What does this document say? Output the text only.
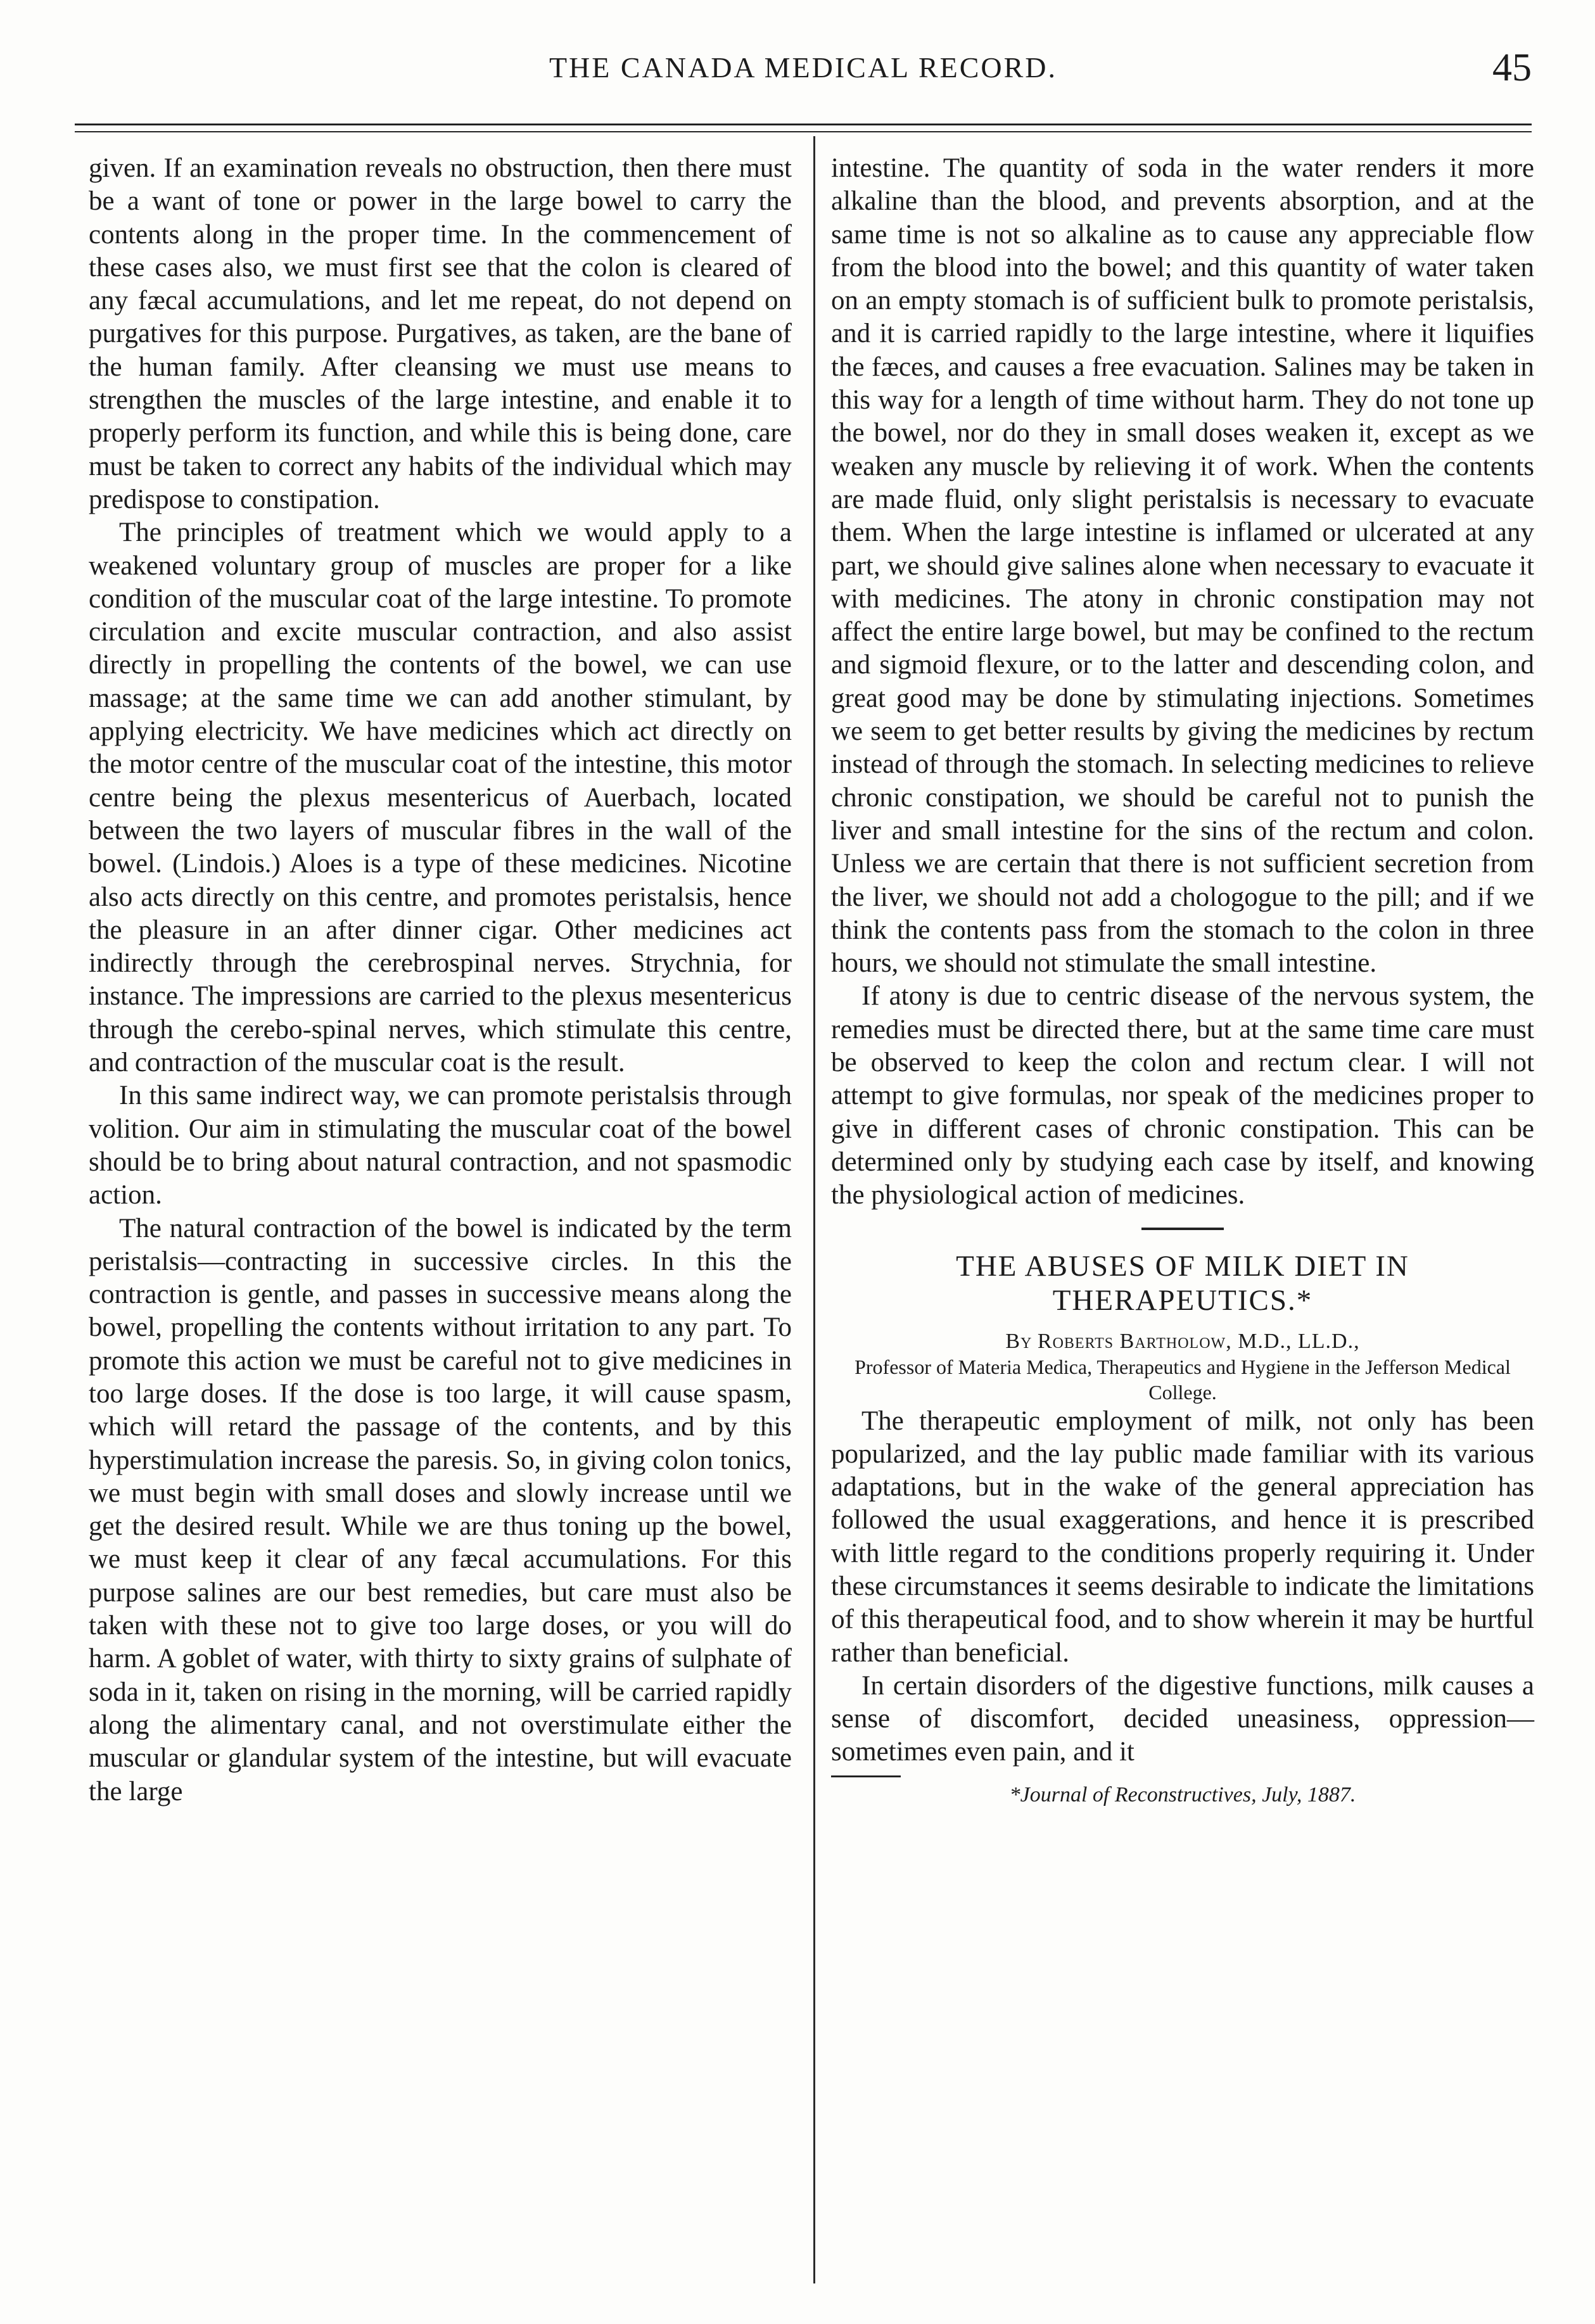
THE CANADA MEDICAL RECORD.	45

given. If an examination reveals no obstruction, then there must be a want of tone or power in the large bowel to carry the contents along in the proper time. In the commencement of these cases also, we must first see that the colon is cleared of any fæcal accumulations, and let me repeat, do not depend on purgatives for this purpose. Purgatives, as taken, are the bane of the human family. After cleansing we must use means to strengthen the muscles of the large intestine, and enable it to properly perform its function, and while this is being done, care must be taken to correct any habits of the individual which may predispose to constipation.

The principles of treatment which we would apply to a weakened voluntary group of muscles are proper for a like condition of the muscular coat of the large intestine. To promote circulation and excite muscular contraction, and also assist directly in propelling the contents of the bowel, we can use massage; at the same time we can add another stimulant, by applying electricity. We have medicines which act directly on the motor centre of the muscular coat of the intestine, this motor centre being the plexus mesentericus of Auerbach, located between the two layers of muscular fibres in the wall of the bowel. (Lindois.) Aloes is a type of these medicines. Nicotine also acts directly on this centre, and promotes peristalsis, hence the pleasure in an after dinner cigar. Other medicines act indirectly through the cerebrospinal nerves. Strychnia, for instance. The impressions are carried to the plexus mesentericus through the cerebo-spinal nerves, which stimulate this centre, and contraction of the muscular coat is the result.

In this same indirect way, we can promote peristalsis through volition. Our aim in stimulating the muscular coat of the bowel should be to bring about natural contraction, and not spasmodic action.

The natural contraction of the bowel is indicated by the term peristalsis—contracting in successive circles. In this the contraction is gentle, and passes in successive means along the bowel, propelling the contents without irritation to any part. To promote this action we must be careful not to give medicines in too large doses. If the dose is too large, it will cause spasm, which will retard the passage of the contents, and by this hyperstimulation increase the paresis. So, in giving colon tonics, we must begin with small doses and slowly increase until we get the desired result. While we are thus toning up the bowel, we must keep it clear of any fæcal accumulations. For this purpose salines are our best remedies, but care must also be taken with these not to give too large doses, or you will do harm. A goblet of water, with thirty to sixty grains of sulphate of soda in it, taken on rising in the morning, will be carried rapidly along the alimentary canal, and not overstimulate either the muscular or glandular system of the intestine, but will evacuate the large

intestine. The quantity of soda in the water renders it more alkaline than the blood, and prevents absorption, and at the same time is not so alkaline as to cause any appreciable flow from the blood into the bowel; and this quantity of water taken on an empty stomach is of sufficient bulk to promote peristalsis, and it is carried rapidly to the large intestine, where it liquifies the fæces, and causes a free evacuation. Salines may be taken in this way for a length of time without harm. They do not tone up the bowel, nor do they in small doses weaken it, except as we weaken any muscle by relieving it of work. When the contents are made fluid, only slight peristalsis is necessary to evacuate them. When the large intestine is inflamed or ulcerated at any part, we should give salines alone when necessary to evacuate it with medicines. The atony in chronic constipation may not affect the entire large bowel, but may be confined to the rectum and sigmoid flexure, or to the latter and descending colon, and great good may be done by stimulating injections. Sometimes we seem to get better results by giving the medicines by rectum instead of through the stomach. In selecting medicines to relieve chronic constipation, we should be careful not to punish the liver and small intestine for the sins of the rectum and colon. Unless we are certain that there is not sufficient secretion from the liver, we should not add a chologogue to the pill; and if we think the contents pass from the stomach to the colon in three hours, we should not stimulate the small intestine.

If atony is due to centric disease of the nervous system, the remedies must be directed there, but at the same time care must be observed to keep the colon and rectum clear. I will not attempt to give formulas, nor speak of the medicines proper to give in different cases of chronic constipation. This can be determined only by studying each case by itself, and knowing the physiological action of medicines.

THE ABUSES OF MILK DIET IN THERAPEUTICS.*

By Roberts Bartholow, M.D., LL.D.,

Professor of Materia Medica, Therapeutics and Hygiene in the Jefferson Medical College.

The therapeutic employment of milk, not only has been popularized, and the lay public made familiar with its various adaptations, but in the wake of the general appreciation has followed the usual exaggerations, and hence it is prescribed with little regard to the conditions properly requiring it. Under these circumstances it seems desirable to indicate the limitations of this therapeutical food, and to show wherein it may be hurtful rather than beneficial.

In certain disorders of the digestive functions, milk causes a sense of discomfort, decided uneasiness, oppression—sometimes even pain, and it

*Journal of Reconstructives, July, 1887.
